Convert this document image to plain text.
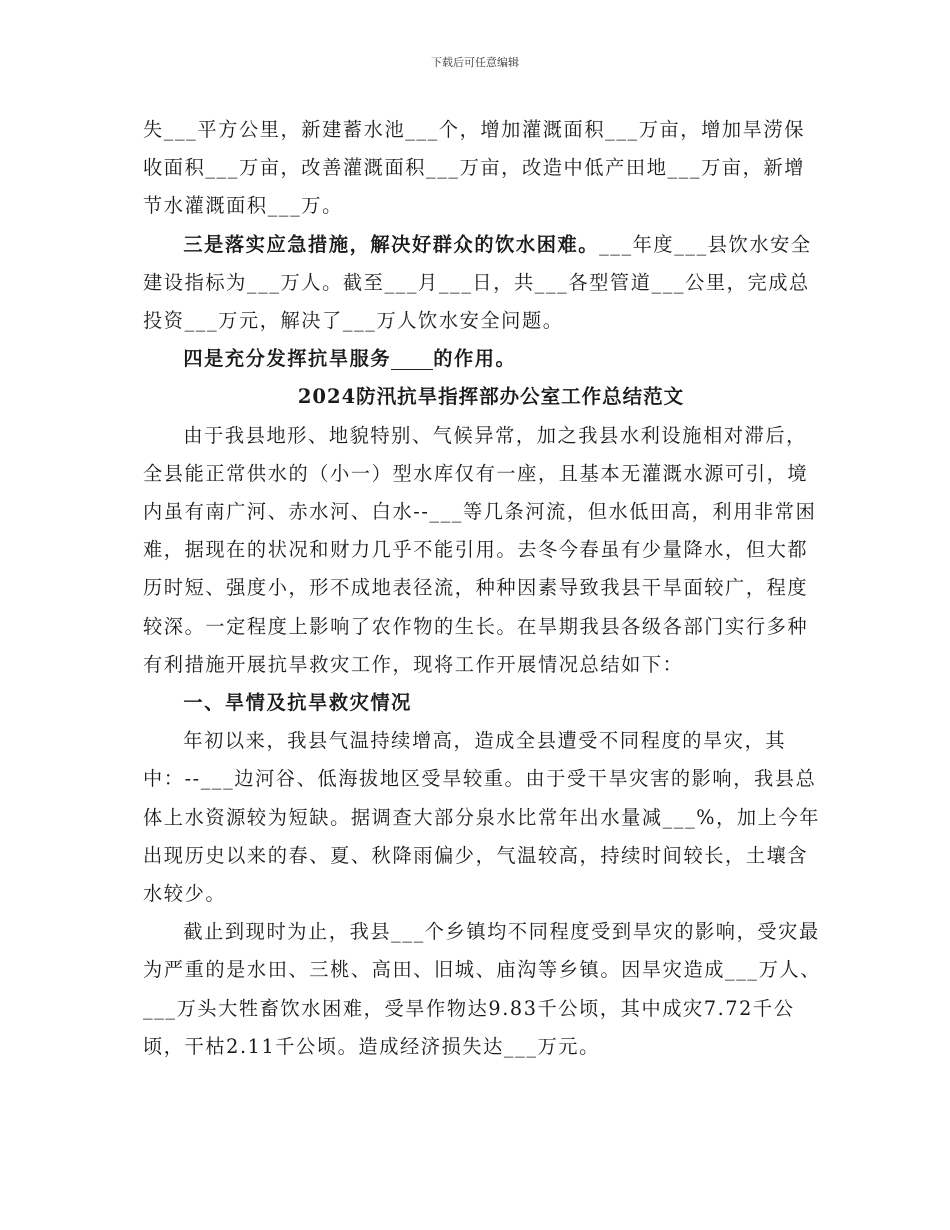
下载后可任意编辑

失___平方公里，新建蓄水池___个，增加灌溉面积___万亩，增加旱涝保收面积___万亩，改善灌溉面积___万亩，改造中低产田地___万亩，新增节水灌溉面积___万。

三是落实应急措施，解决好群众的饮水困难。___年度___县饮水安全建设指标为___万人。截至___月___日，共___各型管道___公里，完成总投资___万元，解决了___万人饮水安全问题。

四是充分发挥抗旱服务 的作用。

2024防汛抗旱指挥部办公室工作总结范文

由于我县地形、地貌特别、气候异常，加之我县水利设施相对滞后，全县能正常供水的（小一）型水库仅有一座，且基本无灌溉水源可引，境内虽有南广河、赤水河、白水--___等几条河流，但水低田高，利用非常困难，据现在的状况和财力几乎不能引用。去冬今春虽有少量降水，但大都历时短、强度小，形不成地表径流，种种因素导致我县干旱面较广，程度较深。一定程度上影响了农作物的生长。在旱期我县各级各部门实行多种有利措施开展抗旱救灾工作，现将工作开展情况总结如下：

一、旱情及抗旱救灾情况

年初以来，我县气温持续增高，造成全县遭受不同程度的旱灾，其中：--___边河谷、低海拔地区受旱较重。由于受干旱灾害的影响，我县总体上水资源较为短缺。据调查大部分泉水比常年出水量减___%，加上今年出现历史以来的春、夏、秋降雨偏少，气温较高，持续时间较长，土壤含水较少。

截止到现时为止，我县___个乡镇均不同程度受到旱灾的影响，受灾最为严重的是水田、三桃、高田、旧城、庙沟等乡镇。因旱灾造成___万人、___万头大牲畜饮水困难，受旱作物达9.83千公顷，其中成灾7.72千公顷，干枯2.11千公顷。造成经济损失达___万元。
